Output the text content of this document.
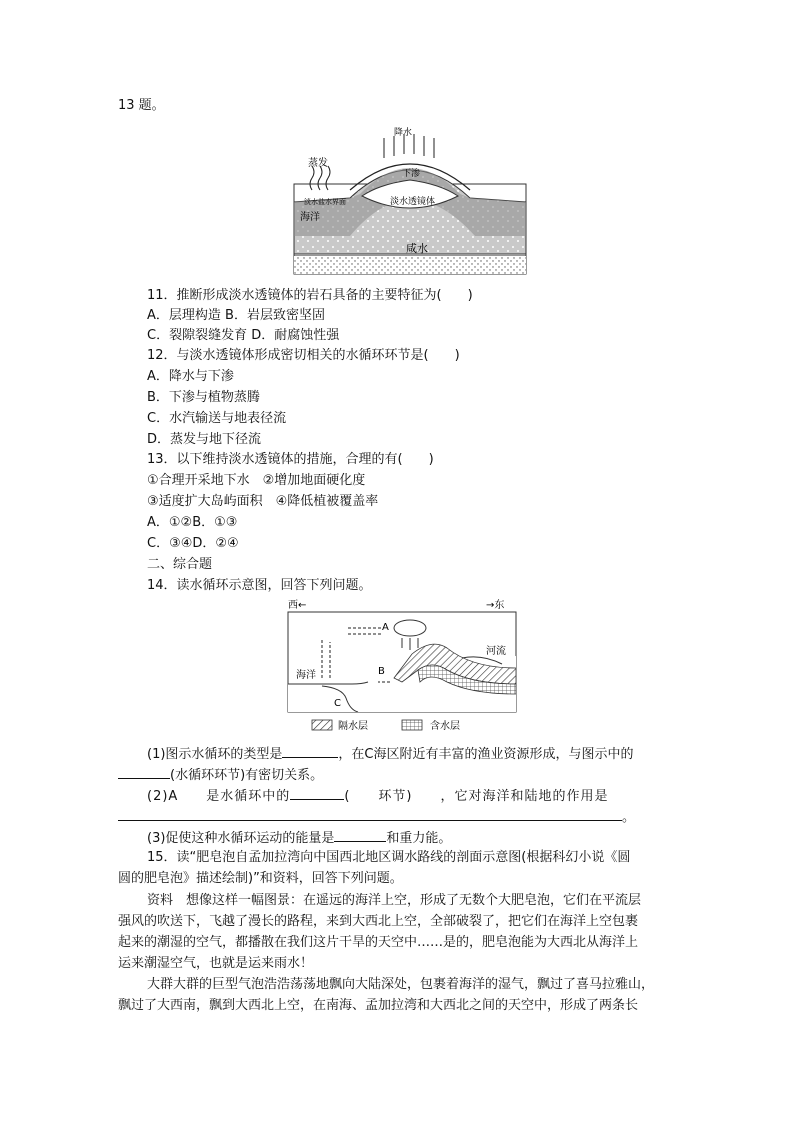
13 题。
降水
蒸发
下渗
淡水盐水界面	淡水透镜体
海洋
咸水
11．推断形成淡水透镜体的岩石具备的主要特征为(　　)
A．层理构造 B．岩层致密坚固
C．裂隙裂缝发育 D．耐腐蚀性强
12．与淡水透镜体形成密切相关的水循环环节是(　　)
A．降水与下渗
B．下渗与植物蒸腾
C．水汽输送与地表径流
D．蒸发与地下径流
13．以下维持淡水透镜体的措施，合理的有(　　)
①合理开采地下水　②增加地面硬化度
③适度扩大岛屿面积　④降低植被覆盖率
A．①②B．①③
C．③④D．②④
二、综合题
14．读水循环示意图，回答下列问题。
西←	→东
A
B
C
海洋
河流
隔水层	含水层
(1)图示水循环的类型是	，在C海区附近有丰富的渔业资源形成，与图示中的
(水循环环节)有密切关系。
(2)A　　是水循环中的	(　　环节)　　，它对海洋和陆地的作用是
。
(3)促使这种水循环运动的能量是	和重力能。
15．读“肥皂泡自孟加拉湾向中国西北地区调水路线的剖面示意图(根据科幻小说《圆
圆的肥皂泡》描述绘制)”和资料，回答下列问题。
资料　想像这样一幅图景：在遥远的海洋上空，形成了无数个大肥皂泡，它们在平流层
强风的吹送下，飞越了漫长的路程，来到大西北上空，全部破裂了，把它们在海洋上空包裹
起来的潮湿的空气，都播散在我们这片干旱的天空中……是的，肥皂泡能为大西北从海洋上
运来潮湿空气，也就是运来雨水！
大群大群的巨型气泡浩浩荡荡地飘向大陆深处，包裹着海洋的湿气，飘过了喜马拉雅山，
飘过了大西南，飘到大西北上空，在南海、孟加拉湾和大西北之间的天空中，形成了两条长
